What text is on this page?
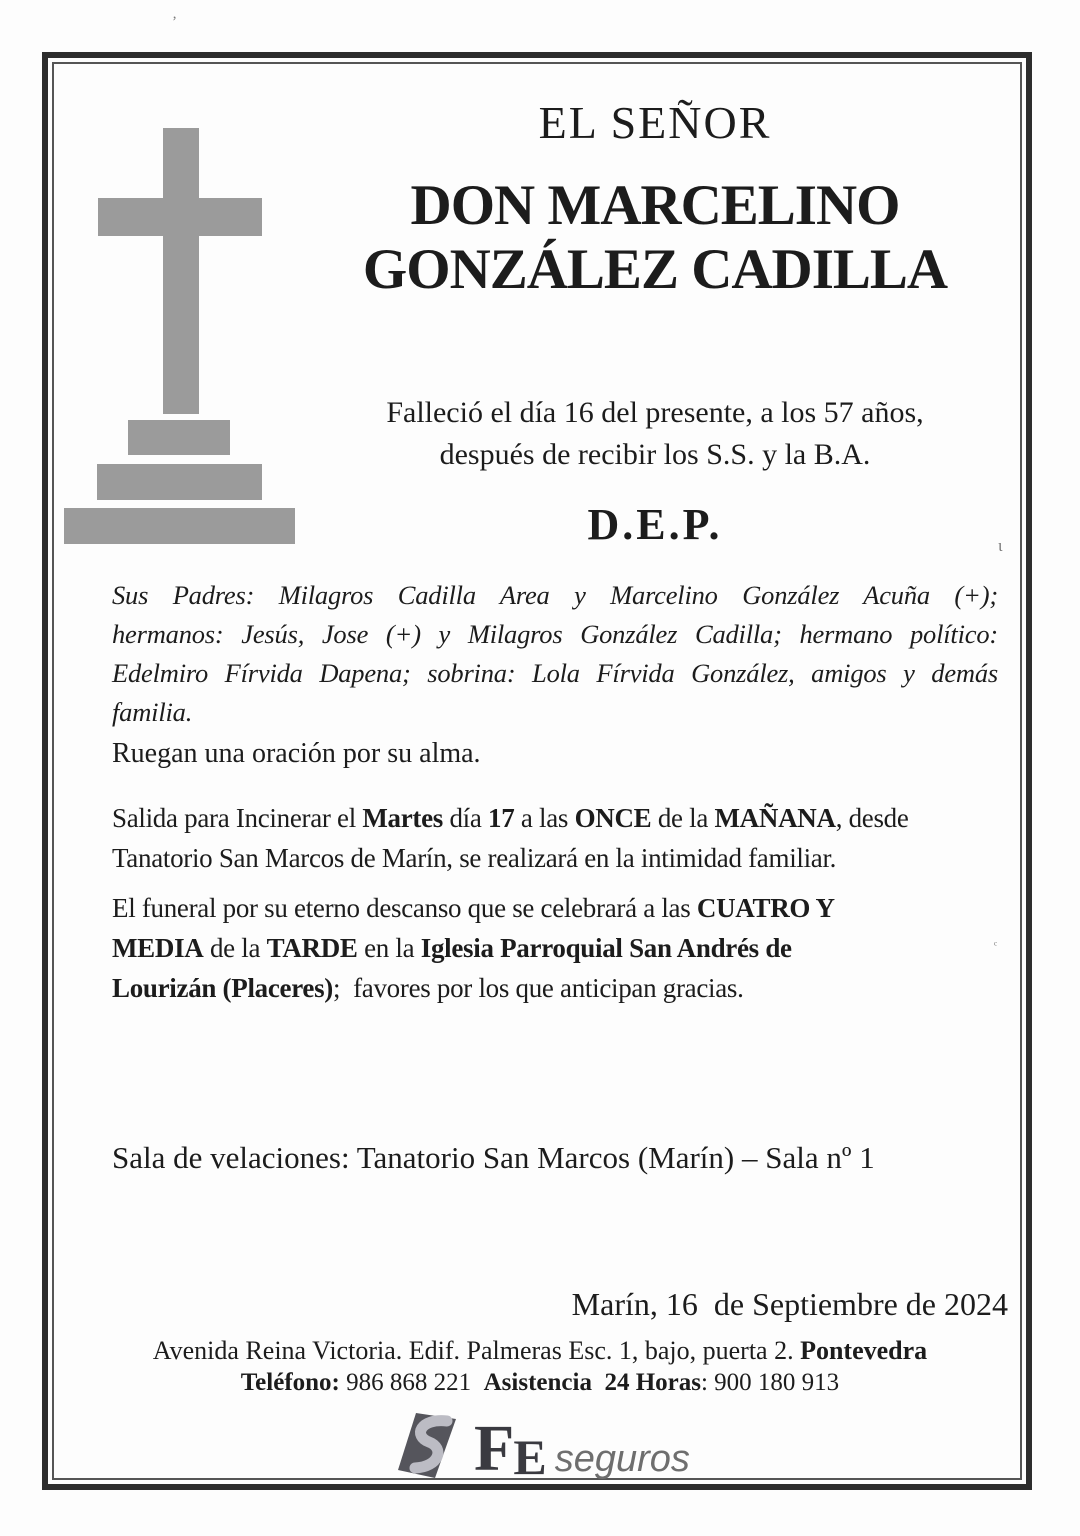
EL SEÑOR
DON MARCELINO
GONZÁLEZ CADILLA
Falleció el día 16 del presente, a los 57 años,
después de recibir los S.S. y la B.A.
D.E.P.
Sus Padres: Milagros Cadilla Area y Marcelino González Acuña (+);
hermanos: Jesús, Jose (+) y Milagros González Cadilla; hermano político:
Edelmiro Fírvida Dapena; sobrina: Lola Fírvida González, amigos y demás
familia.
Ruegan una oración por su alma.
Salida para Incinerar el Martes día 17 a las ONCE de la MAÑANA, desde
Tanatorio San Marcos de Marín, se realizará en la intimidad familiar.
El funeral por su eterno descanso que se celebrará a las CUATRO Y
MEDIA de la TARDE en la Iglesia Parroquial San Andrés de
Lourizán (Placeres);  favores por los que anticipan gracias.
Sala de velaciones: Tanatorio San Marcos (Marín) – Sala nº 1
Marín, 16  de Septiembre de 2024
Avenida Reina Victoria. Edif. Palmeras Esc. 1, bajo, puerta 2. Pontevedra
Teléfono: 986 868 221  Asistencia  24 Horas: 900 180 913
F E seguros
’
ι
ᶜ
